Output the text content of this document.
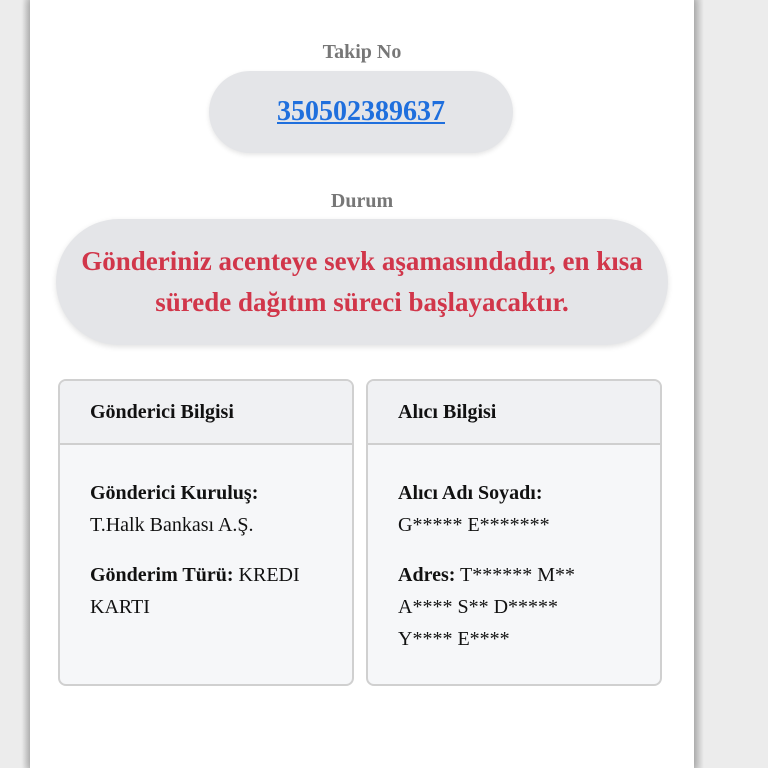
Takip No
350502389637
Durum
Gönderiniz acenteye sevk aşamasındadır, en kısa sürede dağıtım süreci başlayacaktır.
Gönderici Bilgisi
Gönderici Kuruluş:
T.Halk Bankası A.Ş.
Gönderim Türü: KREDI KARTI
Alıcı Bilgisi
Alıcı Adı Soyadı:
G***** E*******
Adres: T****** M** A**** S** D***** Y**** E****
